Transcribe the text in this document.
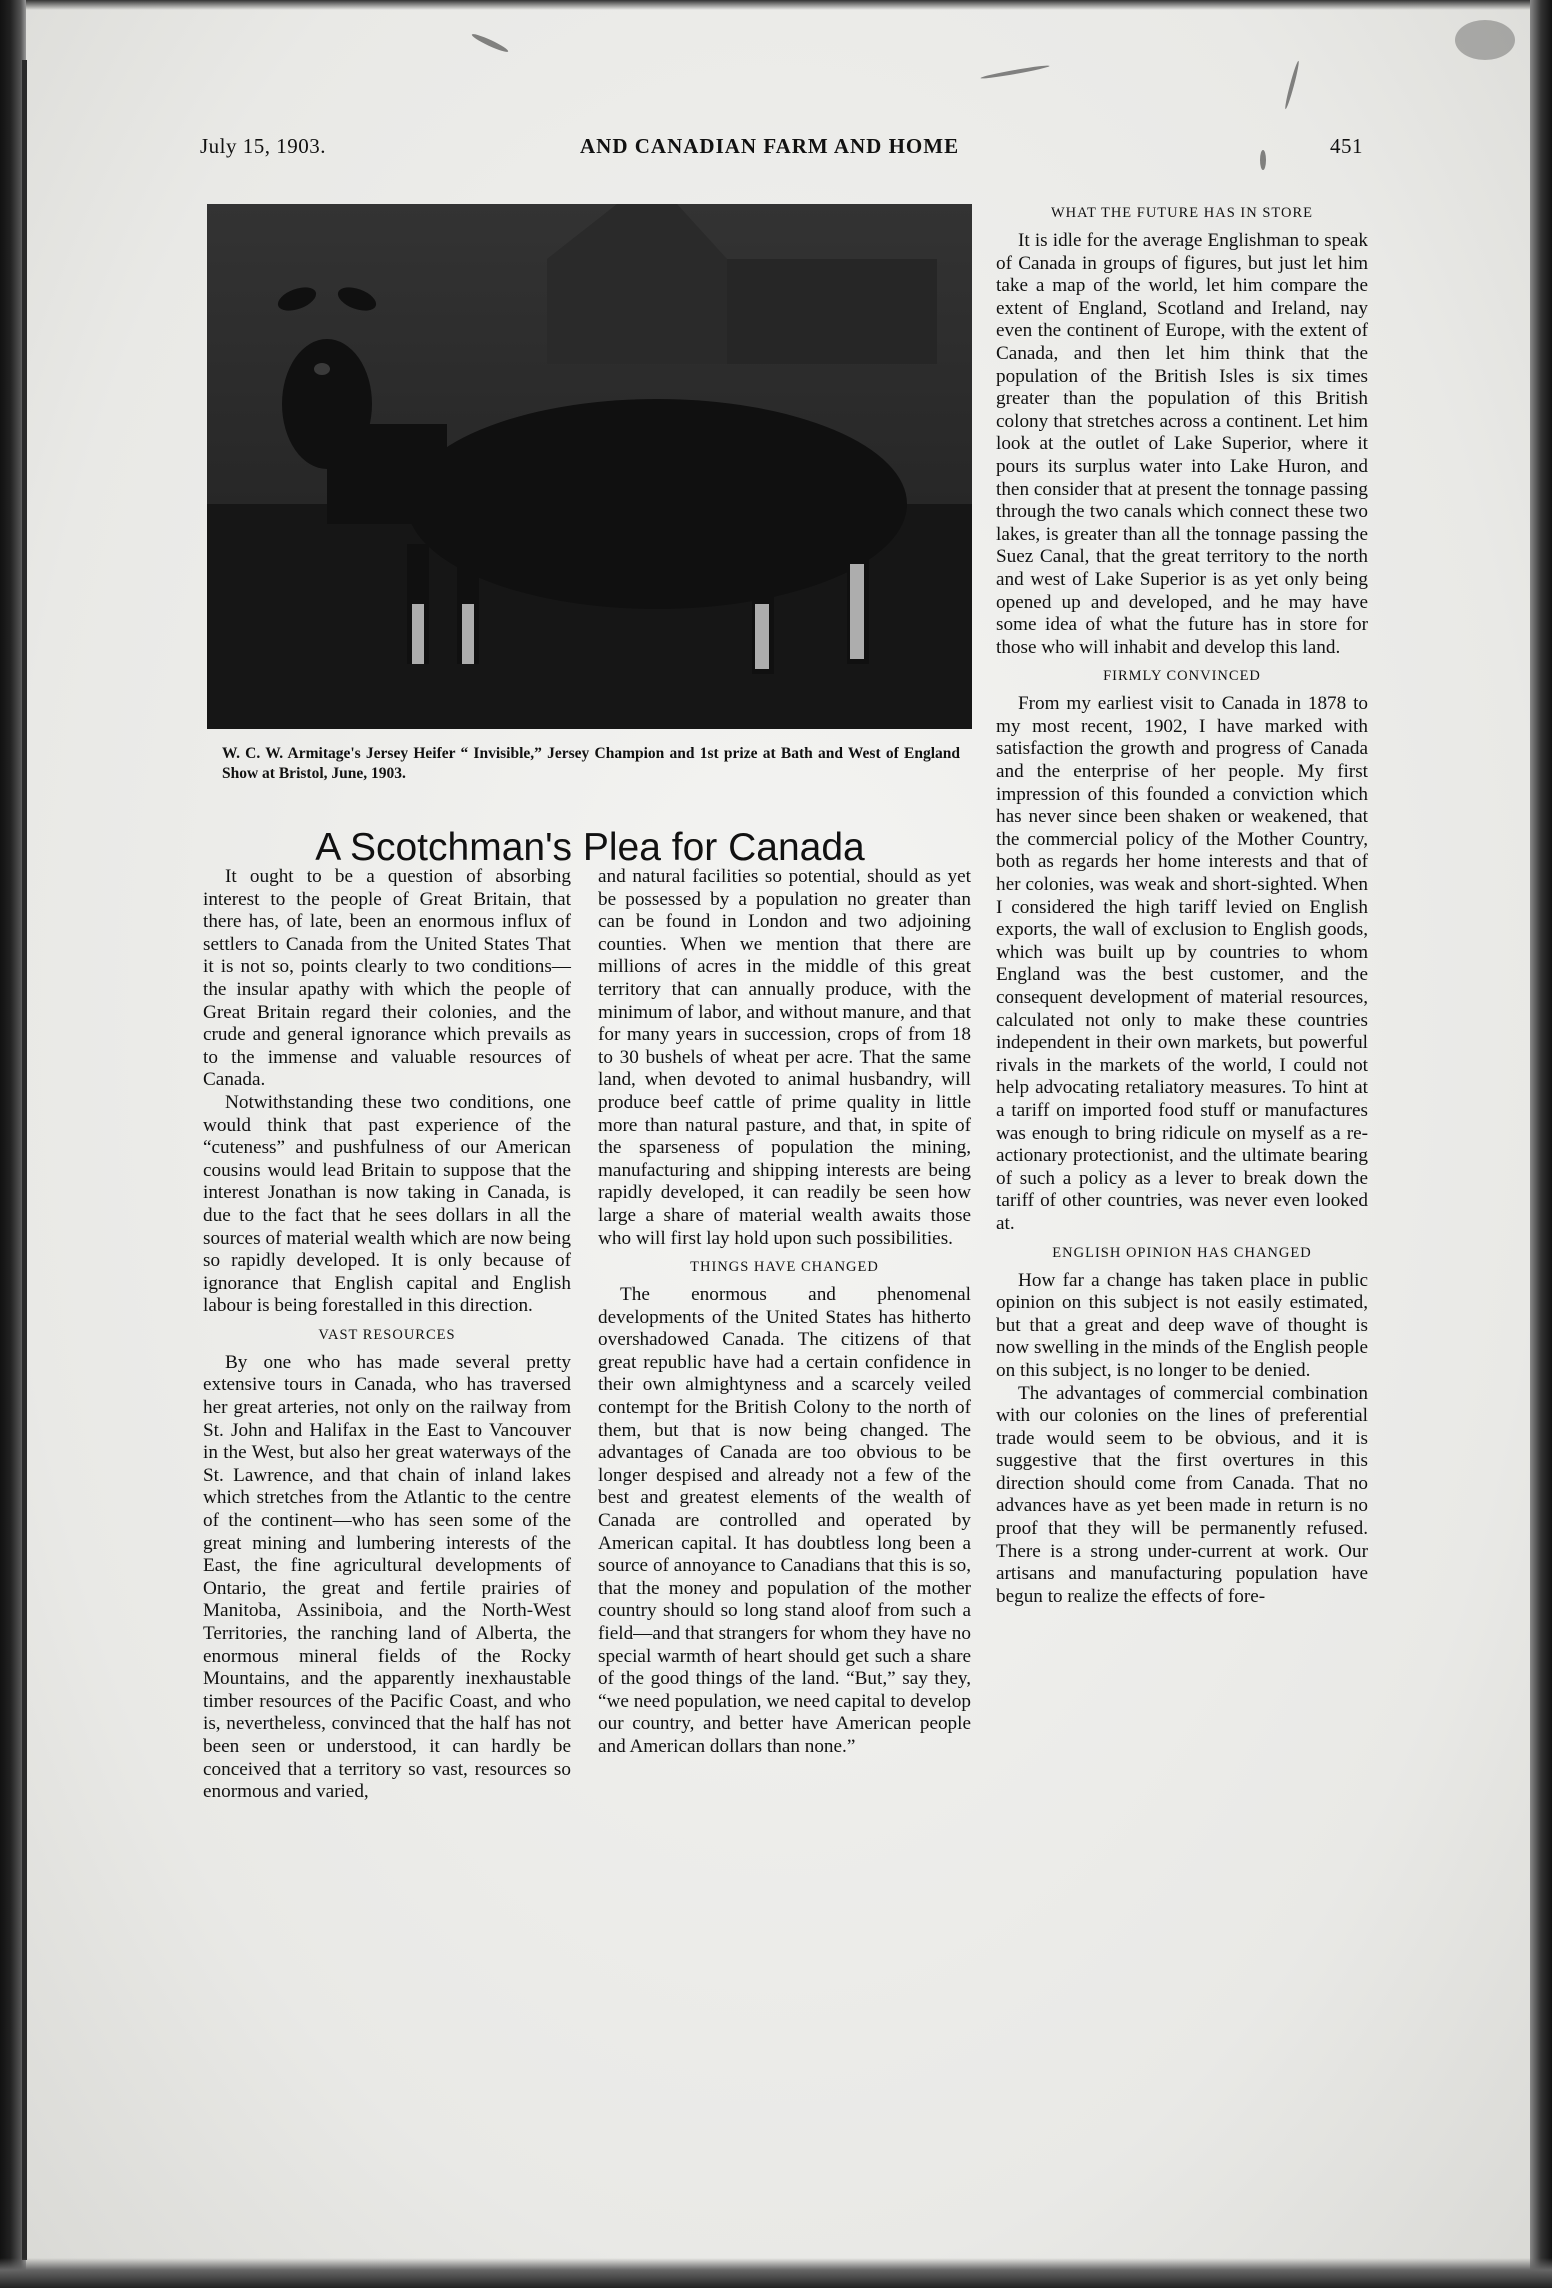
July 15, 1903.	AND CANADIAN FARM AND HOME	451
W. C. W. Armitage's Jersey Heifer “ Invisible,” Jersey Champion and 1st prize at Bath and West of England Show at Bristol, June, 1903.
A Scotchman's Plea for Canada

It ought to be a question of absorbing interest to the people of Great Britain, that there has, of late, been an enormous influx of settlers to Canada from the United States That it is not so, points clearly to two conditions—the insular apathy with which the people of Great Britain regard their colonies, and the crude and general ignorance which prevails as to the immense and valuable resources of Canada.

Notwithstanding these two conditions, one would think that past experience of the “cuteness” and pushfulness of our American cousins would lead Britain to suppose that the interest Jonathan is now taking in Canada, is due to the fact that he sees dollars in all the sources of material wealth which are now being so rapidly developed. It is only because of ignorance that English capital and English labour is being forestalled in this direction.

VAST RESOURCES

By one who has made several pretty extensive tours in Canada, who has traversed her great arteries, not only on the railway from St. John and Halifax in the East to Vancouver in the West, but also her great waterways of the St. Lawrence, and that chain of inland lakes which stretches from the Atlantic to the centre of the continent—who has seen some of the great mining and lumbering interests of the East, the fine agricultural developments of Ontario, the great and fertile prairies of Manitoba, Assiniboia, and the North-West Territories, the ranching land of Alberta, the enormous mineral fields of the Rocky Mountains, and the apparently inexhaustable timber resources of the Pacific Coast, and who is, nevertheless, convinced that the half has not been seen or understood, it can hardly be conceived that a territory so vast, resources so enormous and varied,

and natural facilities so potential, should as yet be possessed by a population no greater than can be found in London and two adjoining counties. When we mention that there are millions of acres in the middle of this great territory that can annually produce, with the minimum of labor, and without manure, and that for many years in succession, crops of from 18 to 30 bushels of wheat per acre. That the same land, when devoted to animal husbandry, will produce beef cattle of prime quality in little more than natural pasture, and that, in spite of the sparseness of population the mining, manufacturing and shipping interests are being rapidly developed, it can readily be seen how large a share of material wealth awaits those who will first lay hold upon such possibilities.

THINGS HAVE CHANGED

The enormous and phenomenal developments of the United States has hitherto overshadowed Canada. The citizens of that great republic have had a certain confidence in their own almightyness and a scarcely veiled contempt for the British Colony to the north of them, but that is now being changed. The advantages of Canada are too obvious to be longer despised and already not a few of the best and greatest elements of the wealth of Canada are controlled and operated by American capital. It has doubtless long been a source of annoyance to Canadians that this is so, that the money and population of the mother country should so long stand aloof from such a field—and that strangers for whom they have no special warmth of heart should get such a share of the good things of the land. “But,” say they, “we need population, we need capital to develop our country, and better have American people and American dollars than none.”

WHAT THE FUTURE HAS IN STORE

It is idle for the average Englishman to speak of Canada in groups of figures, but just let him take a map of the world, let him compare the extent of England, Scotland and Ireland, nay even the continent of Europe, with the extent of Canada, and then let him think that the population of the British Isles is six times greater than the population of this British colony that stretches across a continent. Let him look at the outlet of Lake Superior, where it pours its surplus water into Lake Huron, and then consider that at present the tonnage passing through the two canals which connect these two lakes, is greater than all the tonnage passing the Suez Canal, that the great territory to the north and west of Lake Superior is as yet only being opened up and developed, and he may have some idea of what the future has in store for those who will inhabit and develop this land.

FIRMLY CONVINCED

From my earliest visit to Canada in 1878 to my most recent, 1902, I have marked with satisfaction the growth and progress of Canada and the enterprise of her people. My first impression of this founded a conviction which has never since been shaken or weakened, that the commercial policy of the Mother Country, both as regards her home interests and that of her colonies, was weak and short-sighted. When I considered the high tariff levied on English exports, the wall of exclusion to English goods, which was built up by countries to whom England was the best customer, and the consequent development of material resources, calculated not only to make these countries independent in their own markets, but powerful rivals in the markets of the world, I could not help advocating retaliatory measures. To hint at a tariff on imported food stuff or manufactures was enough to bring ridicule on myself as a re-actionary protectionist, and the ultimate bearing of such a policy as a lever to break down the tariff of other countries, was never even looked at.

ENGLISH OPINION HAS CHANGED

How far a change has taken place in public opinion on this subject is not easily estimated, but that a great and deep wave of thought is now swelling in the minds of the English people on this subject, is no longer to be denied.

The advantages of commercial combination with our colonies on the lines of preferential trade would seem to be obvious, and it is suggestive that the first overtures in this direction should come from Canada. That no advances have as yet been made in return is no proof that they will be permanently refused. There is a strong under-current at work. Our artisans and manufacturing population have begun to realize the effects of fore-
